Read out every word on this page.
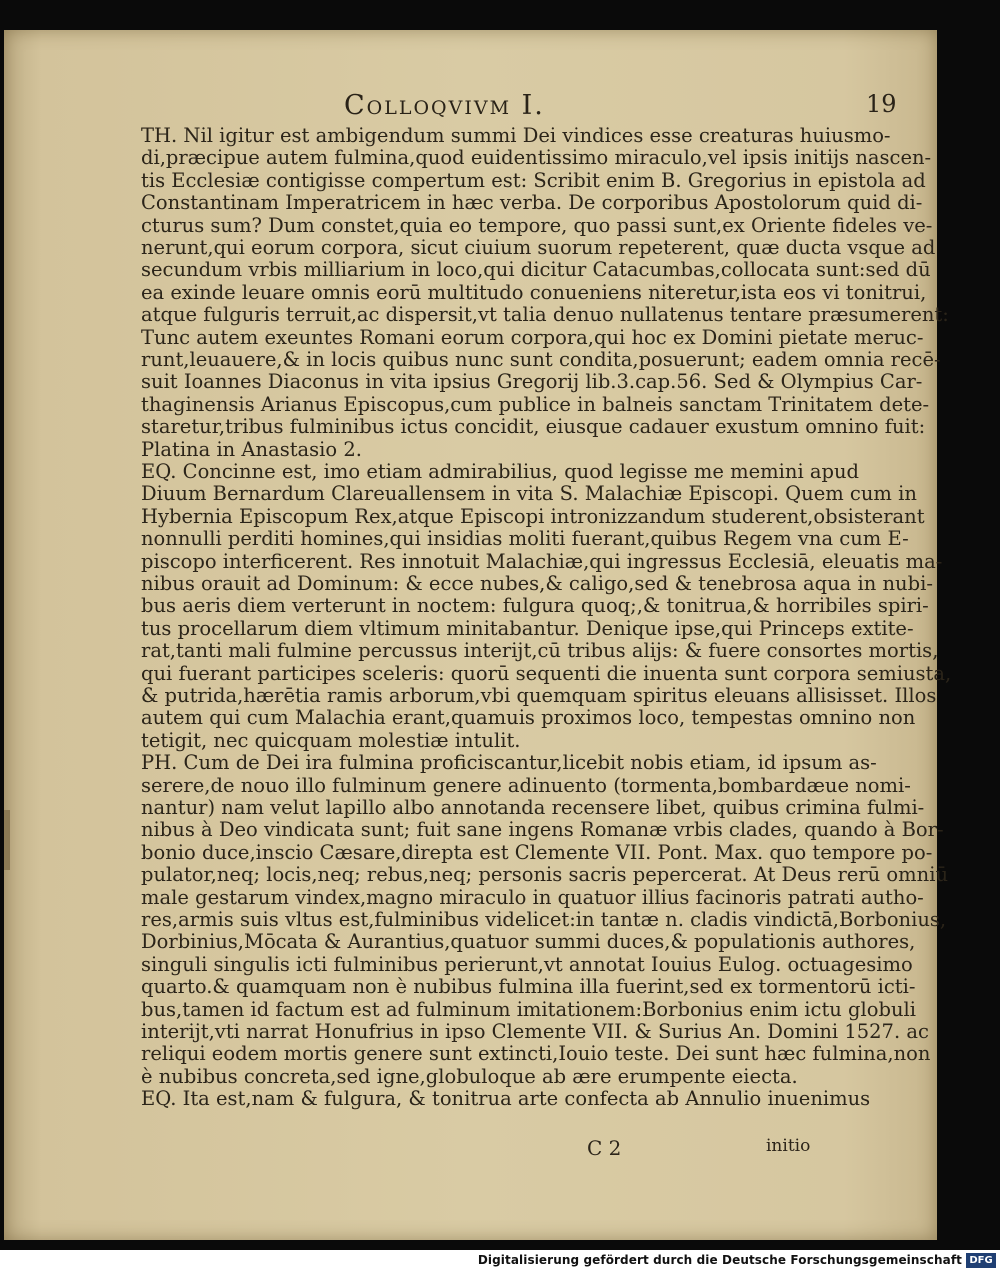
Colloqvivm I.	19
TH. Nil igitur est ambigendum summi Dei vindices esse creaturas huiusmo-
di,præcipue autem fulmina,quod euidentissimo miraculo,vel ipsis initijs nascen-
tis Ecclesiæ contigisse compertum est: Scribit enim B. Gregorius in epistola ad
Constantinam Imperatricem in hæc verba. De corporibus Apostolorum quid di-
cturus sum? Dum constet,quia eo tempore, quo passi sunt,ex Oriente fideles ve-
nerunt,qui eorum corpora, sicut ciuium suorum repeterent, quæ ducta vsque ad
secundum vrbis milliarium in loco,qui dicitur Catacumbas,collocata sunt:sed dū
ea exinde leuare omnis eorū multitudo conueniens niteretur,ista eos vi tonitrui,
atque fulguris terruit,ac dispersit,vt talia denuo nullatenus tentare præsumerent:
Tunc autem exeuntes Romani eorum corpora,qui hoc ex Domini pietate meruc-
runt,leuauere,& in locis quibus nunc sunt condita,posuerunt; eadem omnia recē-
suit Ioannes Diaconus in vita ipsius Gregorij lib.3.cap.56. Sed & Olympius Car-
thaginensis Arianus Episcopus,cum publice in balneis sanctam Trinitatem dete-
staretur,tribus fulminibus ictus concidit, eiusque cadauer exustum omnino fuit:
Platina in Anastasio 2.
EQ. Concinne est, imo etiam admirabilius, quod legisse me memini apud
Diuum Bernardum Clareuallensem in vita S. Malachiæ Episcopi. Quem cum in
Hybernia Episcopum Rex,atque Episcopi intronizzandum studerent,obsisterant
nonnulli perditi homines,qui insidias moliti fuerant,quibus Regem vna cum E-
piscopo interficerent. Res innotuit Malachiæ,qui ingressus Ecclesiā, eleuatis ma-
nibus orauit ad Dominum: & ecce nubes,& caligo,sed & tenebrosa aqua in nubi-
bus aeris diem verterunt in noctem: fulgura quoq;,& tonitrua,& horribiles spiri-
tus procellarum diem vltimum minitabantur. Denique ipse,qui Princeps extite-
rat,tanti mali fulmine percussus interijt,cū tribus alijs: & fuere consortes mortis,
qui fuerant participes sceleris: quorū sequenti die inuenta sunt corpora semiusta,
& putrida,hærētia ramis arborum,vbi quemquam spiritus eleuans allisisset. Illos
autem qui cum Malachia erant,quamuis proximos loco, tempestas omnino non
tetigit, nec quicquam molestiæ intulit.
PH. Cum de Dei ira fulmina proficiscantur,licebit nobis etiam, id ipsum as-
serere,de nouo illo fulminum genere adinuento (tormenta,bombardæue nomi-
nantur) nam velut lapillo albo annotanda recensere libet, quibus crimina fulmi-
nibus à Deo vindicata sunt; fuit sane ingens Romanæ vrbis clades, quando à Bor-
bonio duce,inscio Cæsare,direpta est Clemente VII. Pont. Max. quo tempore po-
pulator,neq; locis,neq; rebus,neq; personis sacris pepercerat. At Deus rerū omniū
male gestarum vindex,magno miraculo in quatuor illius facinoris patrati autho-
res,armis suis vltus est,fulminibus videlicet:in tantæ n. cladis vindictā,Borbonius,
Dorbinius,Mōcata & Aurantius,quatuor summi duces,& populationis authores,
singuli singulis icti fulminibus perierunt,vt annotat Iouius Eulog. octuagesimo
quarto.& quamquam non è nubibus fulmina illa fuerint,sed ex tormentorū icti-
bus,tamen id factum est ad fulminum imitationem:Borbonius enim ictu globuli
interijt,vti narrat Honufrius in ipso Clemente VII. & Surius An. Domini 1527. ac
reliqui eodem mortis genere sunt extincti,Iouio teste. Dei sunt hæc fulmina,non
è nubibus concreta,sed igne,globuloque ab ære erumpente eiecta.
EQ. Ita est,nam & fulgura, & tonitrua arte confecta ab Annulio inuenimus
C 2	initio
Digitalisierung gefördert durch die Deutsche Forschungsgemeinschaft DFG
